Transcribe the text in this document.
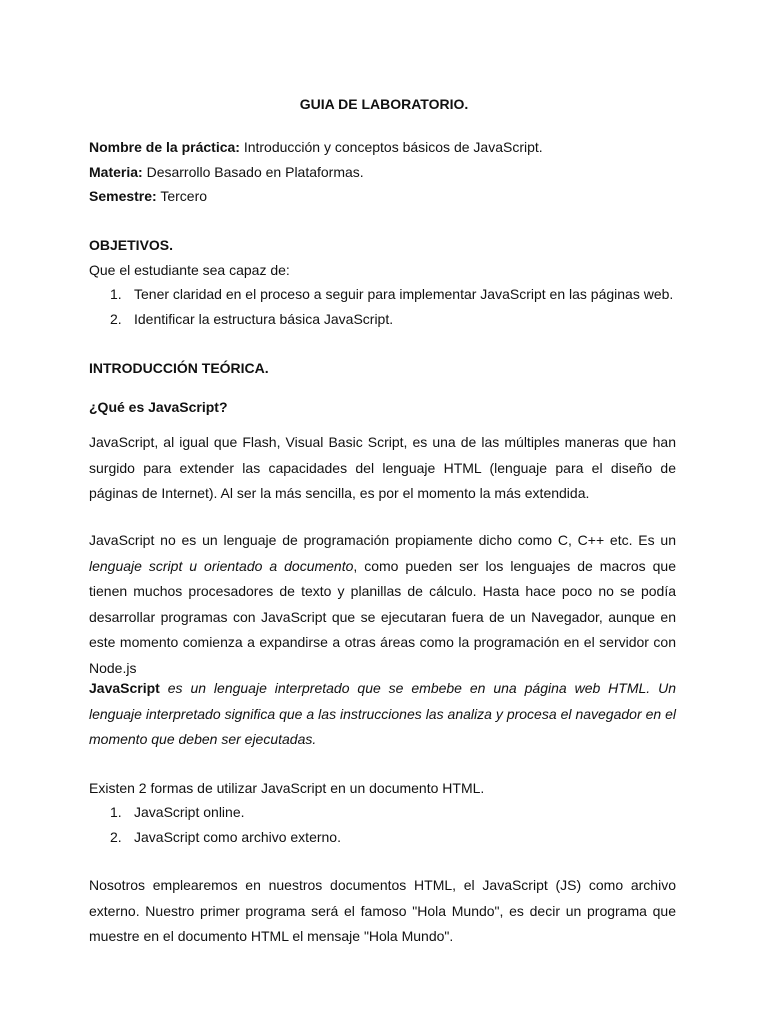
GUIA DE LABORATORIO.
Nombre de la práctica: Introducción y conceptos básicos de JavaScript.
Materia: Desarrollo Basado en Plataformas.
Semestre: Tercero
OBJETIVOS.
Que el estudiante sea capaz de:
1. Tener claridad en el proceso a seguir para implementar JavaScript en las páginas web.
2. Identificar la estructura básica JavaScript.
INTRODUCCIÓN TEÓRICA.
¿Qué es JavaScript?

JavaScript, al igual que Flash, Visual Basic Script, es una de las múltiples maneras que han surgido para extender las capacidades del lenguaje HTML (lenguaje para el diseño de páginas de Internet). Al ser la más sencilla, es por el momento la más extendida.

JavaScript no es un lenguaje de programación propiamente dicho como C, C++ etc. Es un lenguaje script u orientado a documento, como pueden ser los lenguajes de macros que tienen muchos procesadores de texto y planillas de cálculo. Hasta hace poco no se podía desarrollar programas con JavaScript que se ejecutaran fuera de un Navegador, aunque en este momento comienza a expandirse a otras áreas como la programación en el servidor con Node.js

JavaScript es un lenguaje interpretado que se embebe en una página web HTML. Un lenguaje interpretado significa que a las instrucciones las analiza y procesa el navegador en el momento que deben ser ejecutadas.

Existen 2 formas de utilizar JavaScript en un documento HTML.
1. JavaScript online.
2. JavaScript como archivo externo.

Nosotros emplearemos en nuestros documentos HTML, el JavaScript (JS) como archivo externo. Nuestro primer programa será el famoso "Hola Mundo", es decir un programa que muestre en el documento HTML el mensaje "Hola Mundo".
